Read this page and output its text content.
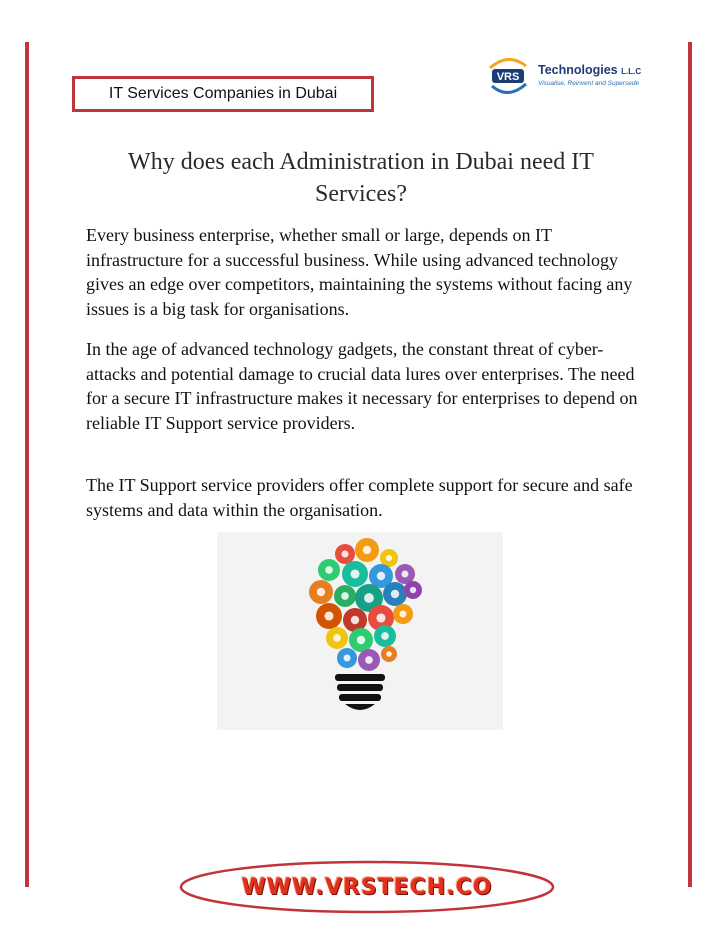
IT Services Companies in Dubai
VRS Technologies L.L.C
Visualise, Reinvent and Supersede
Why does each Administration in Dubai need IT Services?

Every business enterprise, whether small or large, depends on IT infrastructure for a successful business. While using advanced technology gives an edge over competitors, maintaining the systems without facing any issues is a big task for organisations.

In the age of advanced technology gadgets, the constant threat of cyber-attacks and potential damage to crucial data lures over enterprises. The need for a secure IT infrastructure makes it necessary for enterprises to depend on reliable IT Support service providers.

The IT Support service providers offer complete support for secure and safe systems and data within the organisation.

WWW.VRSTECH.CO
